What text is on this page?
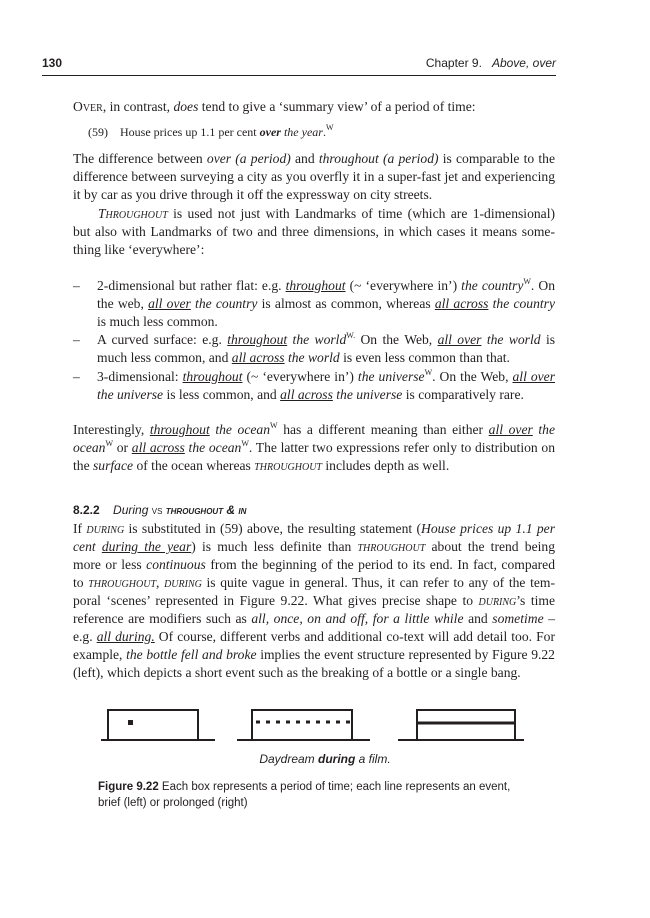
130	Chapter 9. Above, over
Over, in contrast, does tend to give a ‘summary view’ of a period of time:
(59) House prices up 1.1 per cent over the year.$^W$
The difference between over (a period) and throughout (a period) is comparable to the
difference between surveying a city as you overfly it in a super-fast jet and experiencing
it by car as you drive through it off the expressway on city streets.
Throughout is used not just with Landmarks of time (which are 1-dimensional)
but also with Landmarks of two and three dimensions, in which cases it means some-
thing like ‘everywhere’:
– 2-dimensional but rather flat: e.g. throughout (~ ‘everywhere in’) the country$^W$. On
the web, all over the country is almost as common, whereas all across the country
is much less common.
– A curved surface: e.g. throughout the world$^{W.}$ On the Web, all over the world is
much less common, and all across the world is even less common than that.
– 3-dimensional: throughout (~ ‘everywhere in’) the universe$^W$. On the Web, all over
the universe is less common, and all across the universe is comparatively rare.
Interestingly, throughout the ocean$^W$ has a different meaning than either all over the
ocean$^W$ or all across the ocean$^W$. The latter two expressions refer only to distribution on
the surface of the ocean whereas throughout includes depth as well.
8.2.2 During vs throughout & in
If during is substituted in (59) above, the resulting statement (House prices up 1.1 per
cent during the year) is much less definite than throughout about the trend being
more or less continuous from the beginning of the period to its end. In fact, compared
to throughout, during is quite vague in general. Thus, it can refer to any of the tem-
poral ‘scenes’ represented in Figure 9.22. What gives precise shape to during’s time
reference are modifiers such as all, once, on and off, for a little while and sometime –
e.g. all during. Of course, different verbs and additional co-text will add detail too. For
example, the bottle fell and broke implies the event structure represented by Figure 9.22
(left), which depicts a short event such as the breaking of a bottle or a single bang.
Daydream during a film.
Figure 9.22 Each box represents a period of time; each line represents an event,
brief (left) or prolonged (right)
